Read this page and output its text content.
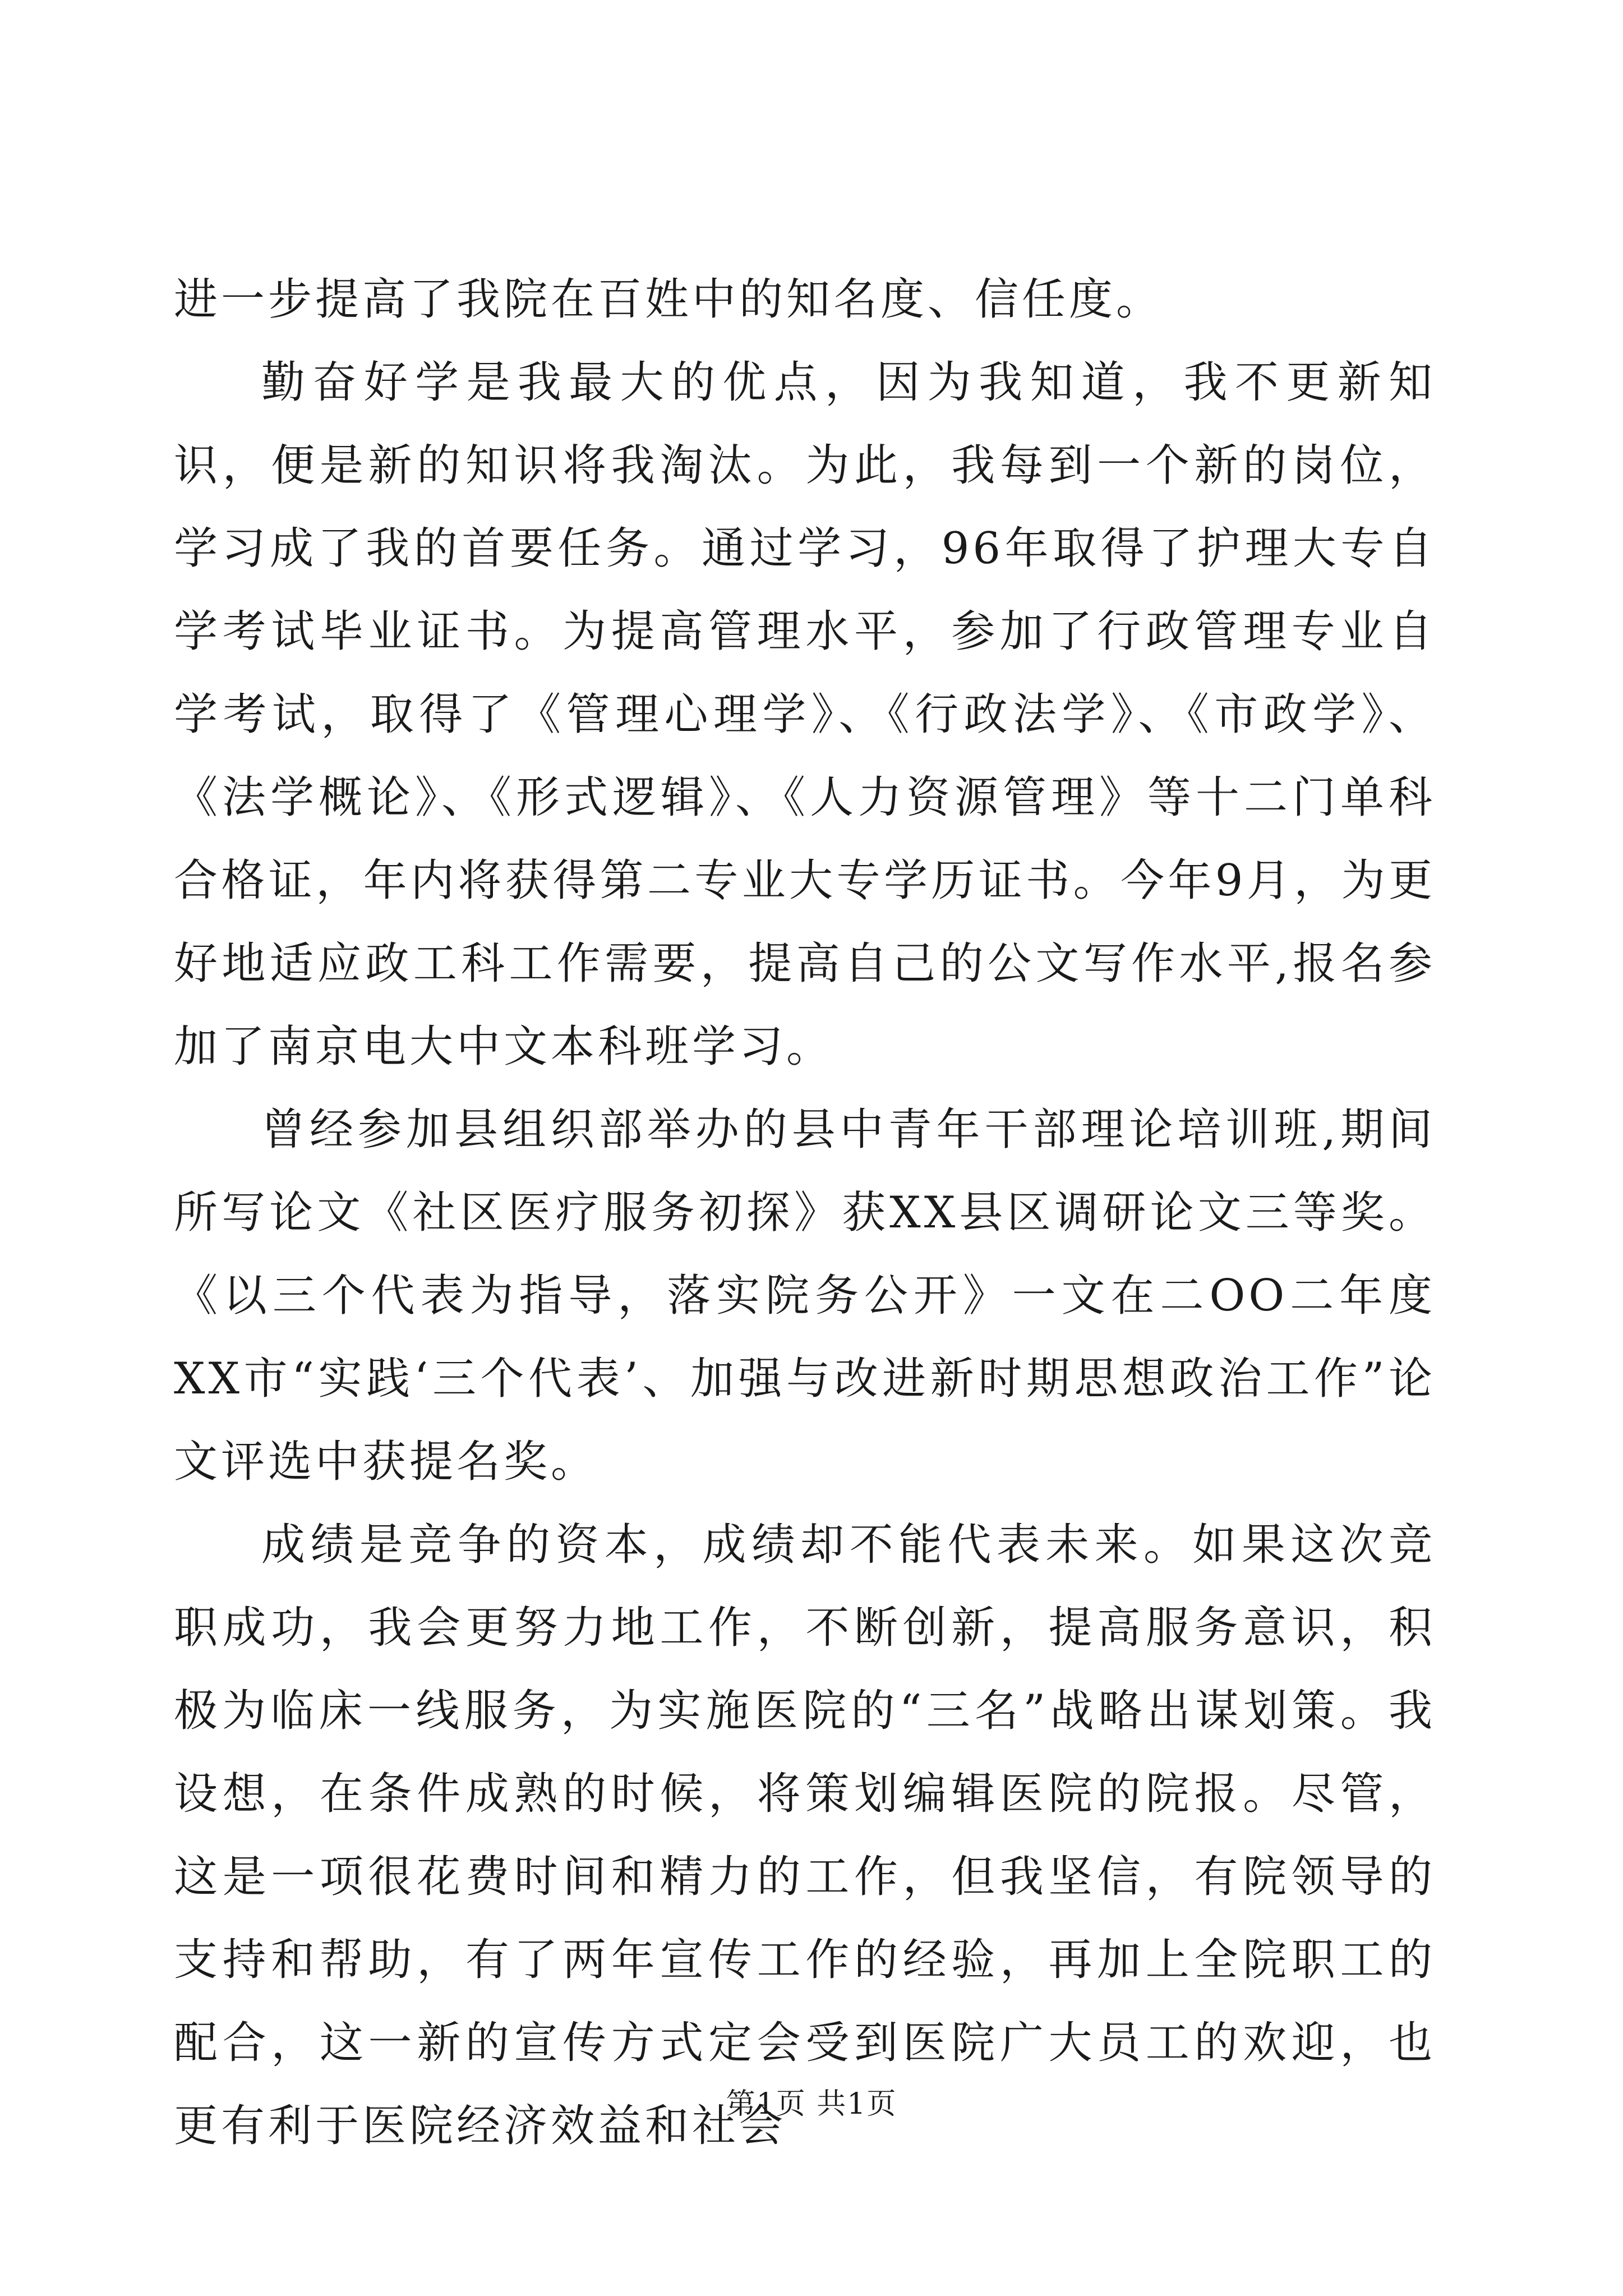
进一步提高了我院在百姓中的知名度、信任度。

勤奋好学是我最大的优点，因为我知道，我不更新知识，便是新的知识将我淘汰。为此，我每到一个新的岗位，学习成了我的首要任务。通过学习，96年取得了护理大专自学考试毕业证书。为提高管理水平，参加了行政管理专业自学考试，取得了《管理心理学》、《行政法学》、《市政学》、《法学概论》、《形式逻辑》、《人力资源管理》等十二门单科合格证，年内将获得第二专业大专学历证书。今年9月，为更好地适应政工科工作需要，提高自己的公文写作水平,报名参加了南京电大中文本科班学习。

曾经参加县组织部举办的县中青年干部理论培训班,期间所写论文《社区医疗服务初探》获XX县区调研论文三等奖。《以三个代表为指导，落实院务公开》一文在二OO二年度XX市“实践‘三个代表’、加强与改进新时期思想政治工作”论文评选中获提名奖。

成绩是竞争的资本，成绩却不能代表未来。如果这次竞职成功，我会更努力地工作，不断创新，提高服务意识，积极为临床一线服务，为实施医院的“三名”战略出谋划策。我设想，在条件成熟的时候，将策划编辑医院的院报。尽管，这是一项很花费时间和精力的工作，但我坚信，有院领导的支持和帮助，有了两年宣传工作的经验，再加上全院职工的配合，这一新的宣传方式定会受到医院广大员工的欢迎，也更有利于医院经济效益和社会

第1页 共1页
